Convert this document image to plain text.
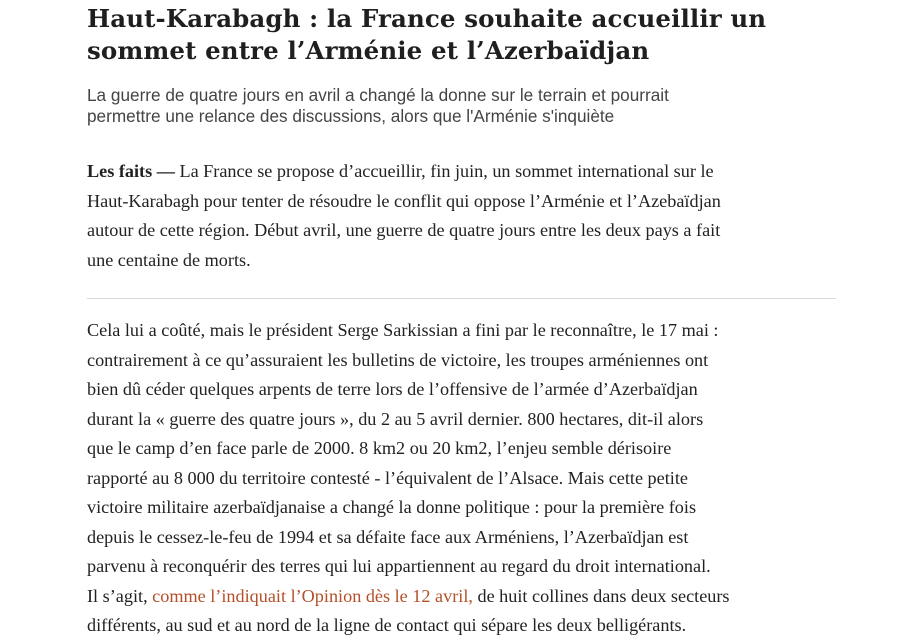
Haut-Karabagh : la France souhaite accueillir un
sommet entre l’Arménie et l’Azerbaïdjan
La guerre de quatre jours en avril a changé la donne sur le terrain et pourrait
permettre une relance des discussions, alors que l'Arménie s'inquiète
Les faits — La France se propose d’accueillir, fin juin, un sommet international sur le
Haut-Karabagh pour tenter de résoudre le conflit qui oppose l’Arménie et l’Azebaïdjan
autour de cette région. Début avril, une guerre de quatre jours entre les deux pays a fait
une centaine de morts.
Cela lui a coûté, mais le président Serge Sarkissian a fini par le reconnaître, le 17 mai :
contrairement à ce qu’assuraient les bulletins de victoire, les troupes arméniennes ont
bien dû céder quelques arpents de terre lors de l’offensive de l’armée d’Azerbaïdjan
durant la « guerre des quatre jours », du 2 au 5 avril dernier. 800 hectares, dit-il alors
que le camp d’en face parle de 2000. 8 km2 ou 20 km2, l’enjeu semble dérisoire
rapporté au 8 000 du territoire contesté - l’équivalent de l’Alsace. Mais cette petite
victoire militaire azerbaïdjanaise a changé la donne politique : pour la première fois
depuis le cessez-le-feu de 1994 et sa défaite face aux Arméniens, l’Azerbaïdjan est
parvenu à reconquérir des terres qui lui appartiennent au regard du droit international.
Il s’agit, comme l’indiquait l’Opinion dès le 12 avril, de huit collines dans deux secteurs
différents, au sud et au nord de la ligne de contact qui sépare les deux belligérants.
